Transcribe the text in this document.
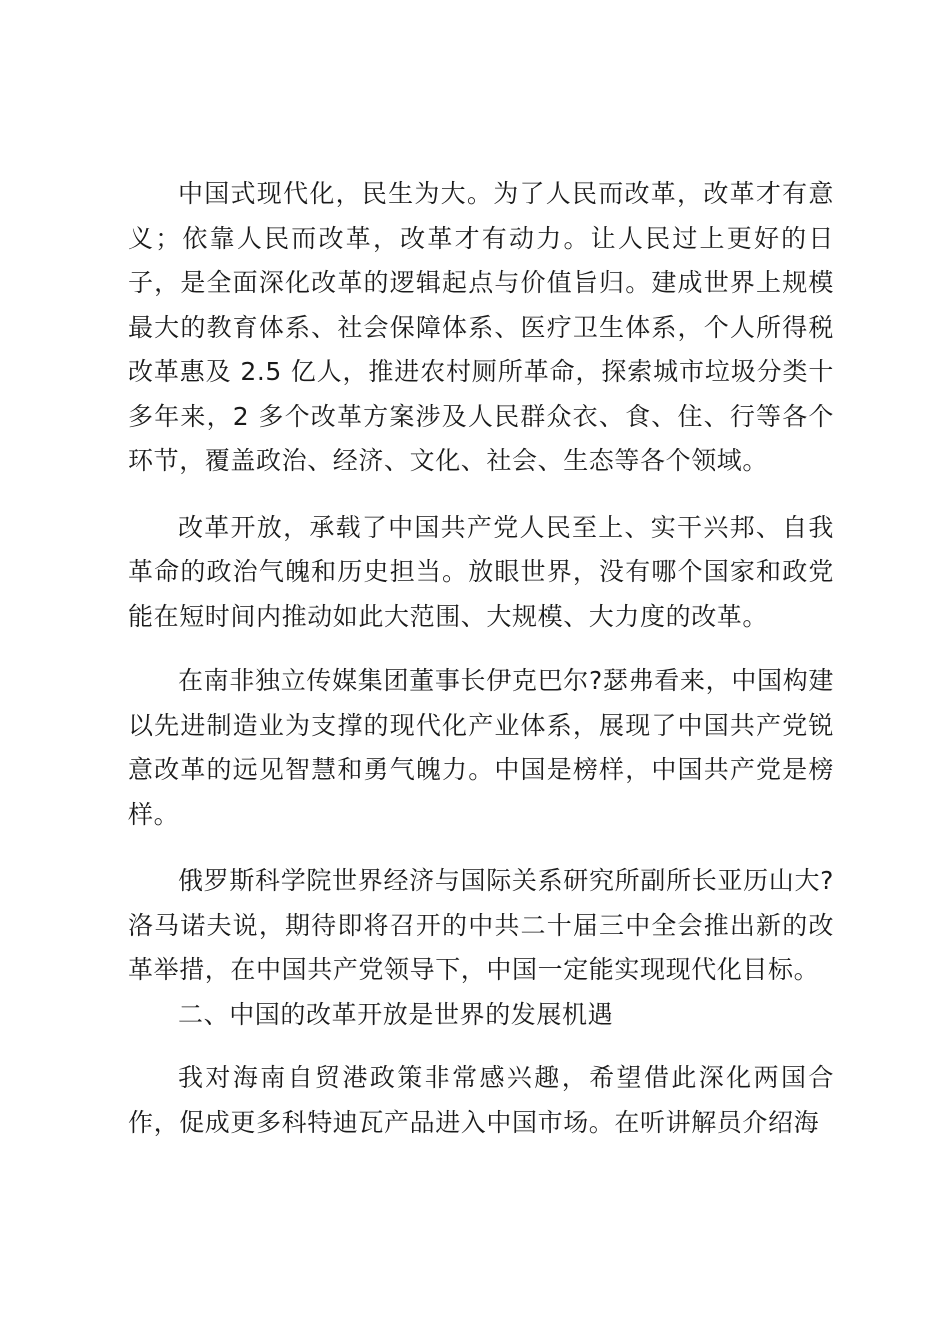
中国式现代化，民生为大。为了人民而改革，改革才有意义；依靠人民而改革，改革才有动力。让人民过上更好的日子，是全面深化改革的逻辑起点与价值旨归。建成世界上规模最大的教育体系、社会保障体系、医疗卫生体系，个人所得税改革惠及 2.5 亿人，推进农村厕所革命，探索城市垃圾分类十多年来，2 多个改革方案涉及人民群众衣、食、住、行等各个环节，覆盖政治、经济、文化、社会、生态等各个领域。

改革开放，承载了中国共产党人民至上、实干兴邦、自我革命的政治气魄和历史担当。放眼世界，没有哪个国家和政党能在短时间内推动如此大范围、大规模、大力度的改革。

在南非独立传媒集团董事长伊克巴尔?瑟弗看来，中国构建以先进制造业为支撑的现代化产业体系，展现了中国共产党锐意改革的远见智慧和勇气魄力。中国是榜样，中国共产党是榜样。

俄罗斯科学院世界经济与国际关系研究所副所长亚历山大?洛马诺夫说，期待即将召开的中共二十届三中全会推出新的改革举措，在中国共产党领导下，中国一定能实现现代化目标。

二、中国的改革开放是世界的发展机遇

我对海南自贸港政策非常感兴趣，希望借此深化两国合作，促成更多科特迪瓦产品进入中国市场。在听讲解员介绍海
